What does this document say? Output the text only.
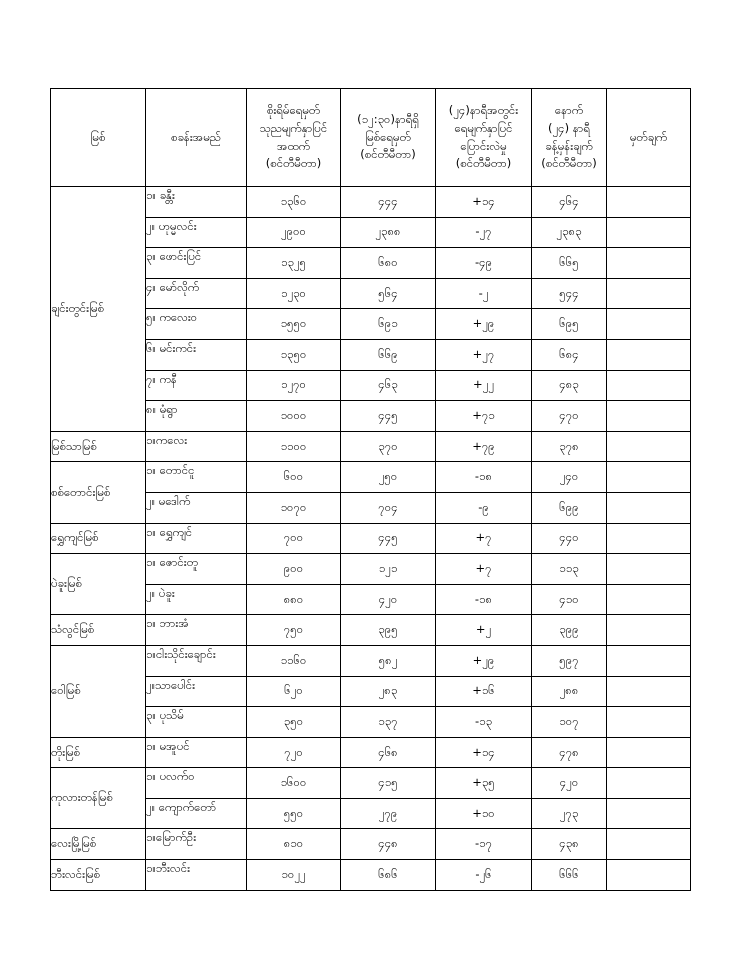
မြစ်	စခန်းအမည်	စိုးရိမ်ရေမှတ်
သုညမျက်နှာပြင်
အထက်
(စင်တီမီတာ)	(၁၂:၃၀)နာရီရှိ
မြစ်ရေမှတ်
(စင်တီမီတာ)	(၂၄)နာရီအတွင်း
ရေမျက်နှာပြင်
ပြောင်းလဲမှု
(စင်တီမီတာ)	နောက်
(၂၄) နာရီ
ခန့်မှန်းချက်
(စင်တီမီတာ)	မှတ်ချက်
ချင်းတွင်းမြစ်	၁။ ခန္တီး	၁၃၆၀	၄၄၄	+၁၄	၄၆၄	
	၂။ ဟုမ္မလင်း	၂၉၀၀	၂၃၈၈	-၂၇	၂၃၈၃	
	၃။ ဖောင်းပြင်	၁၃၂၅	၆၈၀	-၄၉	၆၆၅	
	၄။ မော်လိုက်	၁၂၃၀	၅၆၄	-၂	၅၄၄	
	၅။ ကလေးဝ	၁၅၅၀	၆၉၁	+၂၉	၆၉၅	
	၆။ မင်းကင်း	၁၃၅၀	၆၆၉	+၂၇	၆၈၄	
	၇။ ကနီ	၁၂၇၀	၄၆၃	+၂၂	၄၈၃	
	၈။ မုံရွာ	၁၀၀၀	၄၄၅	+၇၁	၄၇၀	
မြစ်သာမြစ်	၁။ကလေး	၁၁၀၀	၃၇၀	+၇၉	၃၇၈	
စစ်တောင်းမြစ်	၁။ တောင်ငူ	၆၀၀	၂၅၀	-၁၈	၂၄၀	
	၂။ မဒေါက်	၁၀၇၀	၇၀၄	-၉	၆၉၉	
ရွှေကျင်မြစ်	၁။ ရွှေကျင်	၇၀၀	၄၄၅	+၇	၄၄၀	
ပဲခူးမြစ်	၁။ ဇောင်းတူ	၉၀၀	၁၂၁	+၇	၁၁၃	
	၂။ ပဲခူး	၈၈၀	၄၂၀	-၁၈	၄၁၀	
သံလွင်မြစ်	၁။ ဘားအံ	၇၅၀	၃၉၅	+၂	၃၉၉	
ဝေါမြစ်	၁။ငါးသိုင်းချောင်း	၁၁၆၀	၅၈၂	+၂၉	၅၉၇	
	၂။သာပေါင်း	၆၂၀	၂၈၃	+၁၆	၂၈၈	
	၃။ ပုသိမ်	၃၅၀	၁၃၇	-၁၃	၁၀၇	
တိုးမြစ်	၁။ မအူပင်	၇၂၀	၄၆၈	+၁၄	၄၇၈	
ကုလားတန်မြစ်	၁။ ပလက်ဝ	၁၆၀၀	၄၁၅	+၃၅	၄၂၀	
	၂။ ကျောက်တော်	၅၅၀	၂၇၉	+၁၀	၂၇၃	
လေးမြို့မြစ်	၁။မြောက်ဦး	၈၁၀	၄၄၈	-၁၇	၄၃၈	
ဘီးလင်းမြစ်	၁။ဘီးလင်း	၁၀၂၂	၆၈၆	-၂၆	၆၆၆	
